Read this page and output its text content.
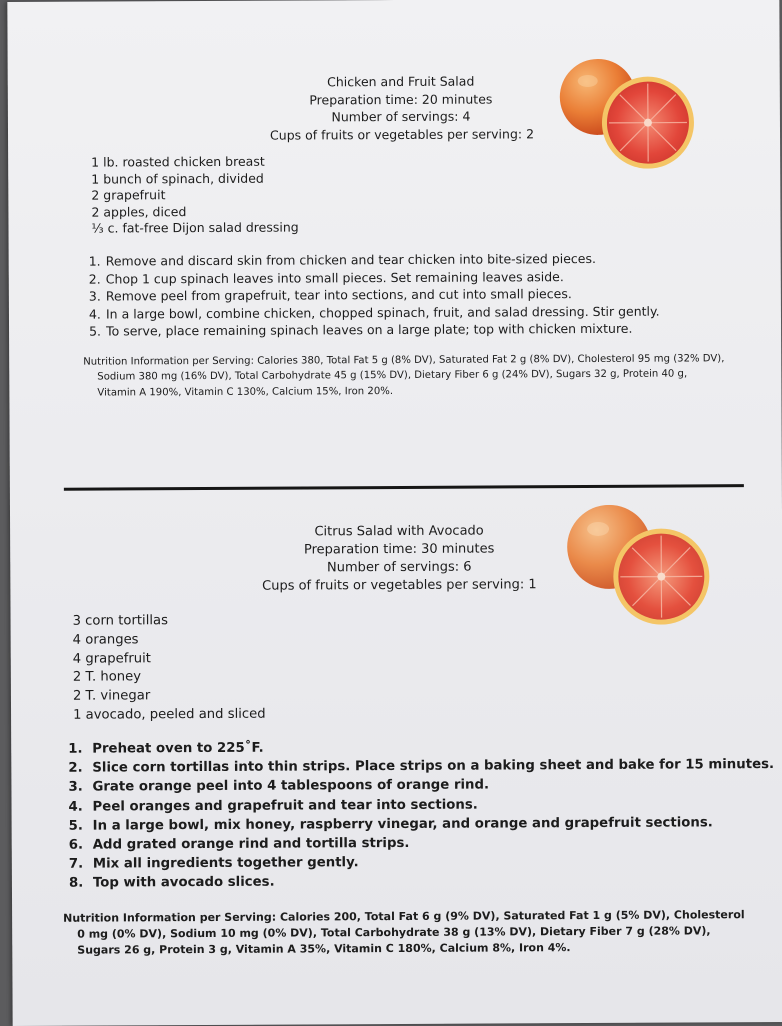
Chicken and Fruit Salad
Preparation time: 20 minutes
Number of servings: 4
Cups of fruits or vegetables per serving: 2
1 lb. roasted chicken breast
1 bunch of spinach, divided
2 grapefruit
2 apples, diced
⅓ c. fat-free Dijon salad dressing
1. Remove and discard skin from chicken and tear chicken into bite-sized pieces.
2. Chop 1 cup spinach leaves into small pieces. Set remaining leaves aside.
3. Remove peel from grapefruit, tear into sections, and cut into small pieces.
4. In a large bowl, combine chicken, chopped spinach, fruit, and salad dressing. Stir gently.
5. To serve, place remaining spinach leaves on a large plate; top with chicken mixture.
Nutrition Information per Serving: Calories 380, Total Fat 5 g (8% DV), Saturated Fat 2 g (8% DV), Cholesterol 95 mg (32% DV), Sodium 380 mg (16% DV), Total Carbohydrate 45 g (15% DV), Dietary Fiber 6 g (24% DV), Sugars 32 g, Protein 40 g, Vitamin A 190%, Vitamin C 130%, Calcium 15%, Iron 20%.
Citrus Salad with Avocado
Preparation time: 30 minutes
Number of servings: 6
Cups of fruits or vegetables per serving: 1
3 corn tortillas
4 oranges
4 grapefruit
2 T. honey
2 T. vinegar
1 avocado, peeled and sliced
1. Preheat oven to 225˚F.
2. Slice corn tortillas into thin strips. Place strips on a baking sheet and bake for 15 minutes.
3. Grate orange peel into 4 tablespoons of orange rind.
4. Peel oranges and grapefruit and tear into sections.
5. In a large bowl, mix honey, raspberry vinegar, and orange and grapefruit sections.
6. Add grated orange rind and tortilla strips.
7. Mix all ingredients together gently.
8. Top with avocado slices.
Nutrition Information per Serving: Calories 200, Total Fat 6 g (9% DV), Saturated Fat 1 g (5% DV), Cholesterol 0 mg (0% DV), Sodium 10 mg (0% DV), Total Carbohydrate 38 g (13% DV), Dietary Fiber 7 g (28% DV), Sugars 26 g, Protein 3 g, Vitamin A 35%, Vitamin C 180%, Calcium 8%, Iron 4%.
